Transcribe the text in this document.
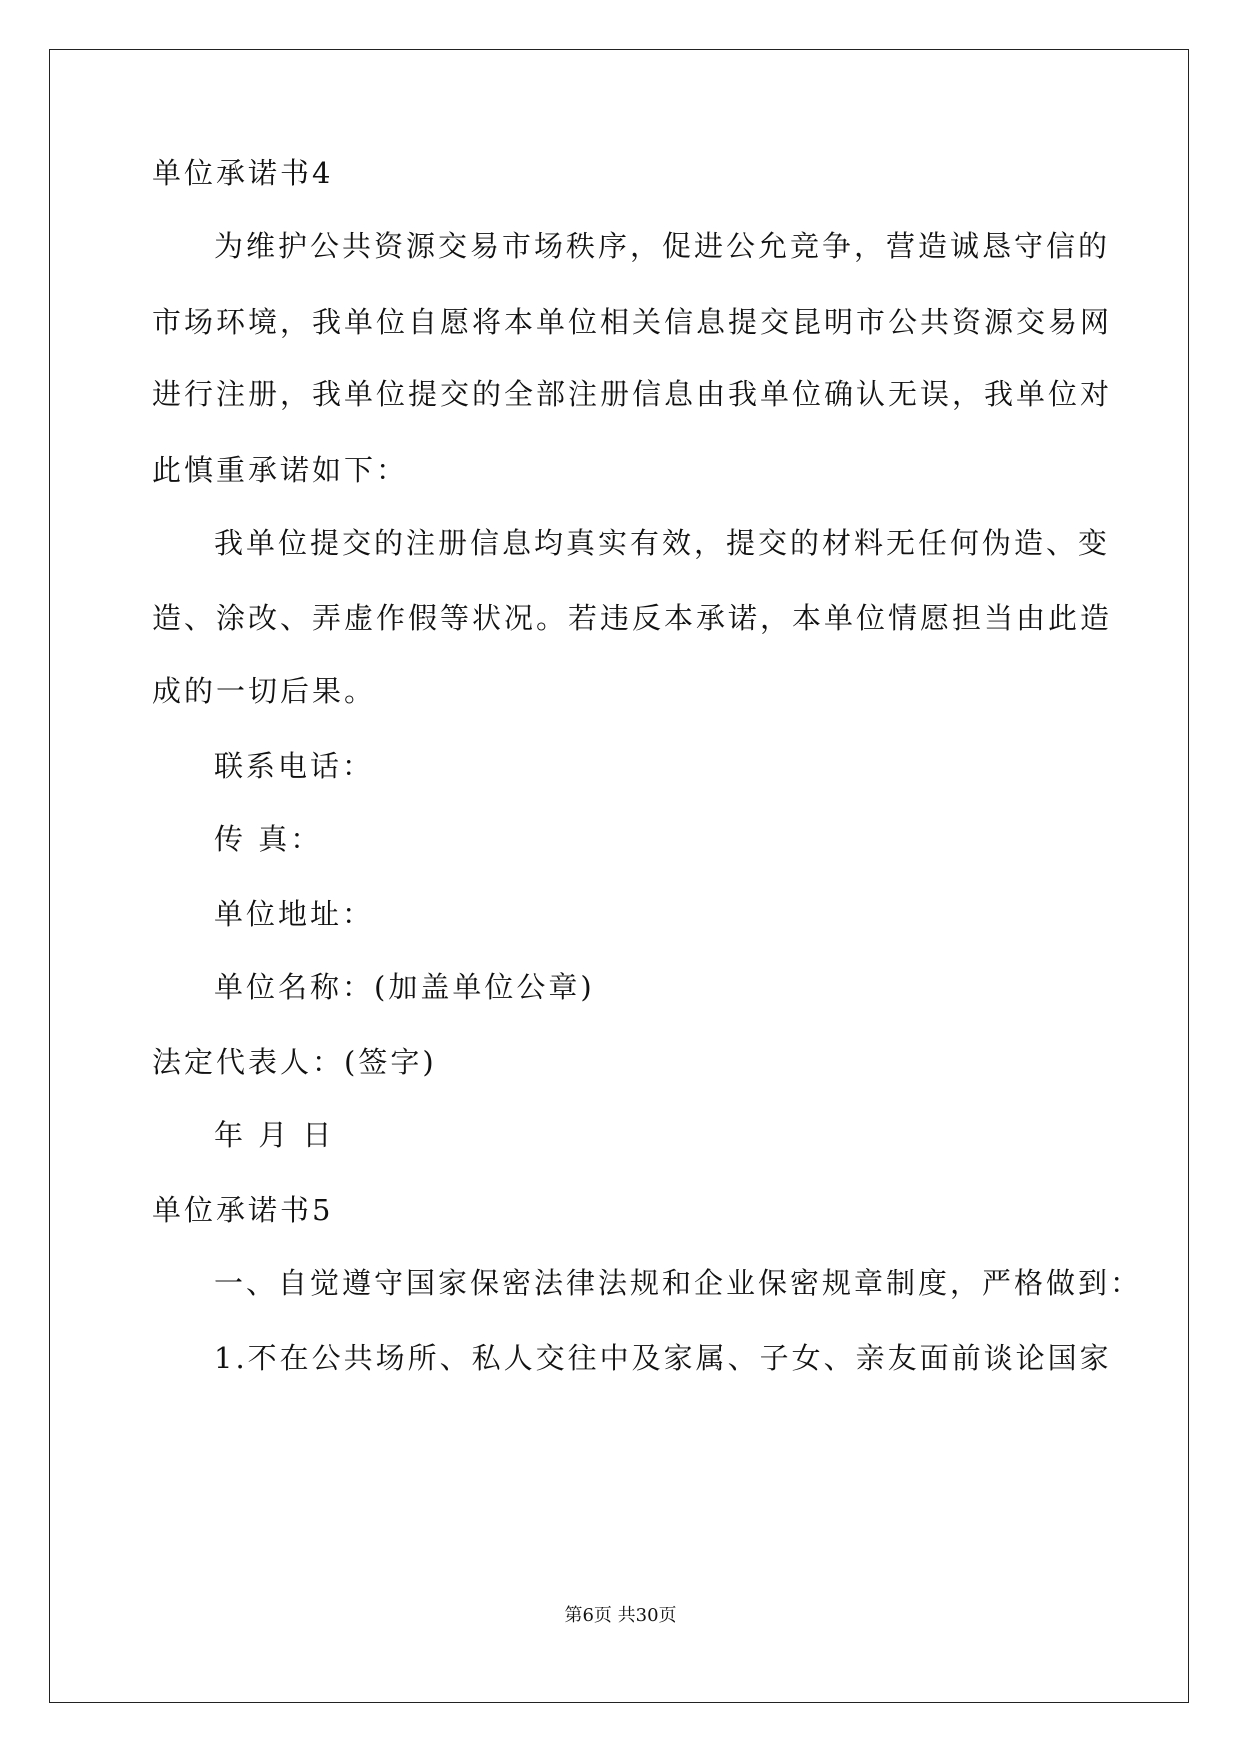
单位承诺书4
为维护公共资源交易市场秩序，促进公允竞争，营造诚恳守信的
市场环境，我单位自愿将本单位相关信息提交昆明市公共资源交易网
进行注册，我单位提交的全部注册信息由我单位确认无误，我单位对
此慎重承诺如下：
我单位提交的注册信息均真实有效，提交的材料无任何伪造、变
造、涂改、弄虚作假等状况。若违反本承诺，本单位情愿担当由此造
成的一切后果。
联系电话：
传 真：
单位地址：
单位名称：(加盖单位公章)
法定代表人：(签字)
年 月 日
单位承诺书5
一、自觉遵守国家保密法律法规和企业保密规章制度，严格做到：
1.不在公共场所、私人交往中及家属、子女、亲友面前谈论国家
第6页 共30页
